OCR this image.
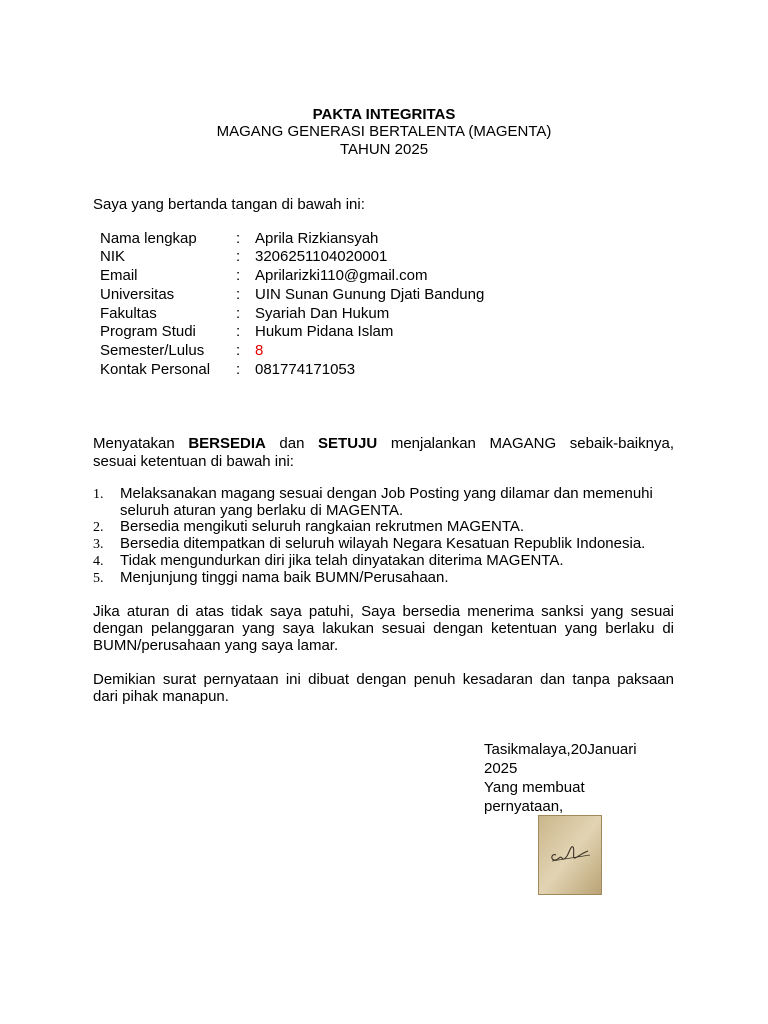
PAKTA INTEGRITAS
MAGANG GENERASI BERTALENTA (MAGENTA)
TAHUN 2025
Saya yang bertanda tangan di bawah ini:
Nama lengkap	: Aprila Rizkiansyah
NIK	: 3206251104020001
Email	: Aprilarizki110@gmail.com
Universitas	: UIN Sunan Gunung Djati Bandung
Fakultas	: Syariah Dan Hukum
Program Studi	: Hukum Pidana Islam
Semester/Lulus : 8
Kontak Personal : 081774171053
Menyatakan BERSEDIA dan SETUJU menjalankan MAGANG sebaik-baiknya,
sesuai ketentuan di bawah ini:
1. Melaksanakan magang sesuai dengan Job Posting yang dilamar dan memenuhi
seluruh aturan yang berlaku di MAGENTA.
2. Bersedia mengikuti seluruh rangkaian rekrutmen MAGENTA.
3. Bersedia ditempatkan di seluruh wilayah Negara Kesatuan Republik Indonesia.
4. Tidak mengundurkan diri jika telah dinyatakan diterima MAGENTA.
5. Menjunjung tinggi nama baik BUMN/Perusahaan.
Jika aturan di atas tidak saya patuhi, Saya bersedia menerima sanksi yang sesuai
dengan pelanggaran yang saya lakukan sesuai dengan ketentuan yang berlaku di
BUMN/perusahaan yang saya lamar.
Demikian surat pernyataan ini dibuat dengan penuh kesadaran dan tanpa paksaan
dari pihak manapun.
Tasikmalaya,20Januari
2025
Yang membuat
pernyataan,
